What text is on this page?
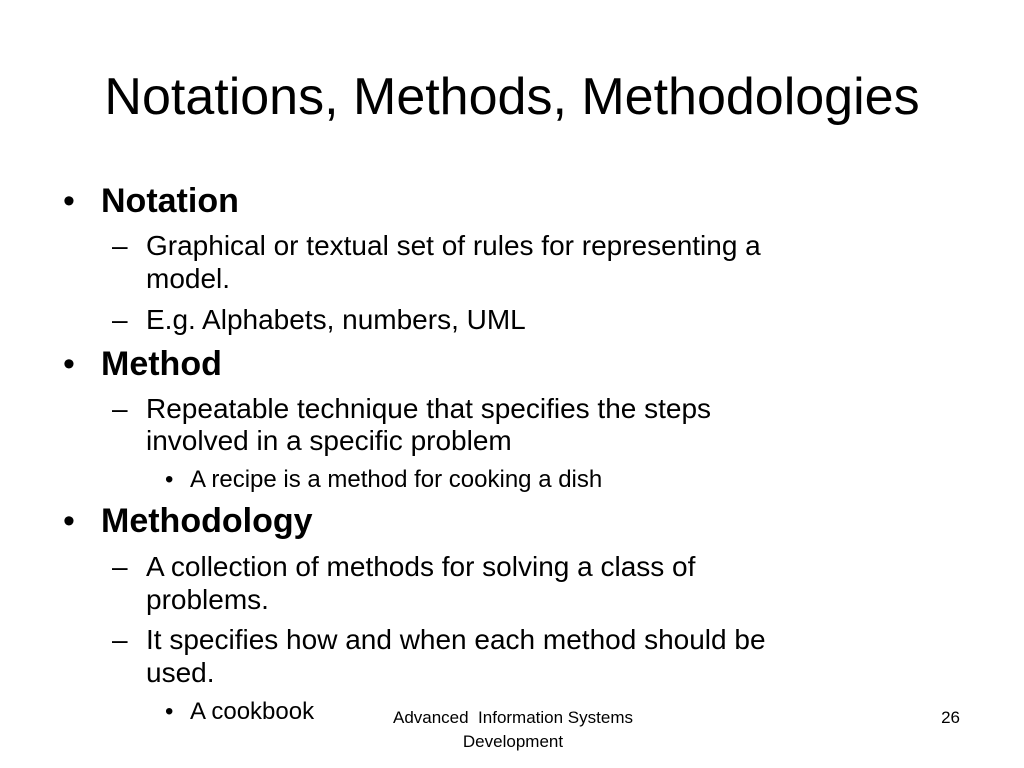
Notations, Methods, Methodologies
• Notation
– Graphical or textual set of rules for representing a
model.
– E.g. Alphabets, numbers, UML
• Method
– Repeatable technique that specifies the steps
involved in a specific problem
• A recipe is a method for cooking a dish
• Methodology
– A collection of methods for solving a class of
problems.
– It specifies how and when each method should be
used.
• A cookbook	Advanced  Information Systems
Development
26
